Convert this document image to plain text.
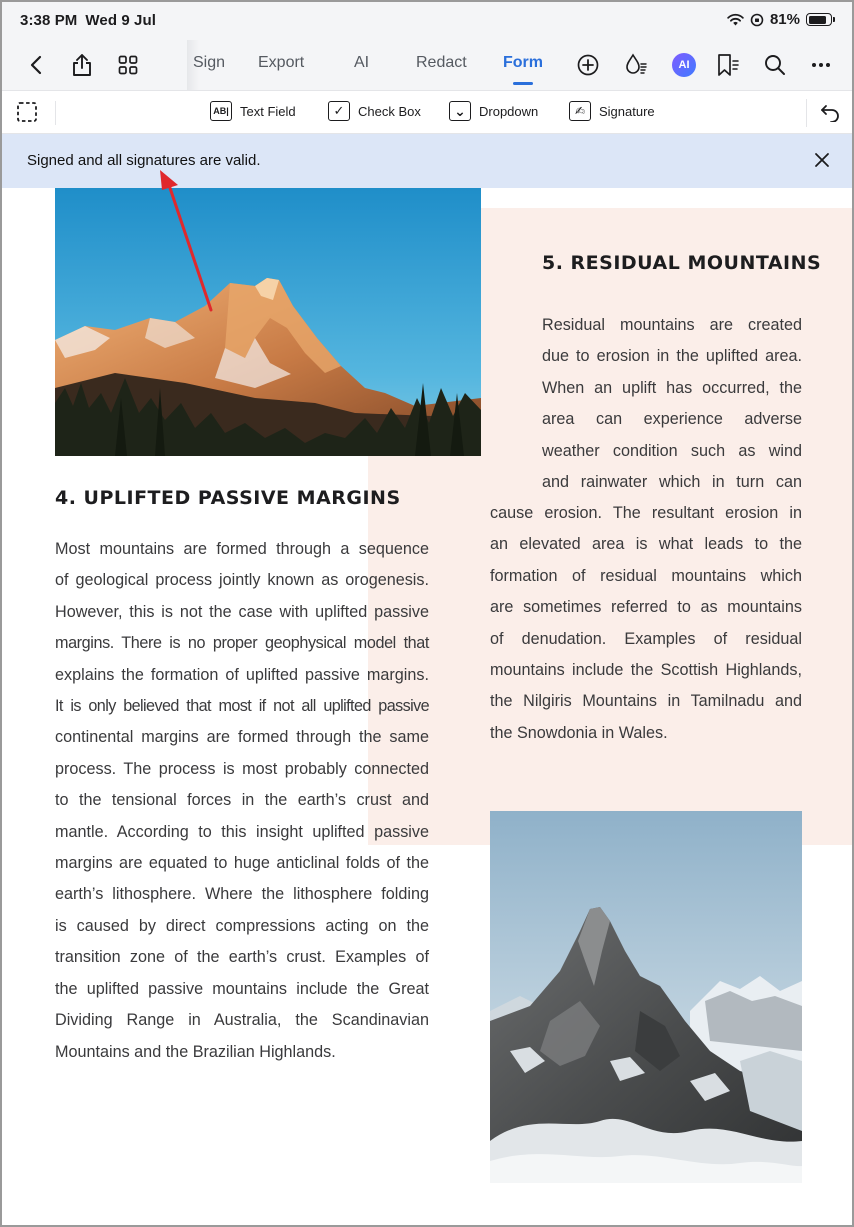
3:38 PM Wed 9 Jul	81%
Sign Export	AI	Redact Form	AI
AB| Text Field	✓	Check Box	⌄	Dropdown	✍	Signature
Signed and all signatures are valid.
4. UPLIFTED PASSIVE MARGINS
Most mountains are formed through a sequence
of geological process jointly known as orogenesis.
However, this is not the case with uplifted passive
margins. There is no proper geophysical model that
explains the formation of uplifted passive margins.
It is only believed that most if not all uplifted passive
continental margins are formed through the same
process. The process is most probably connected
to the tensional forces in the earth’s crust and
mantle. According to this insight uplifted passive
margins are equated to huge anticlinal folds of the
earth’s lithosphere. Where the lithosphere folding
is caused by direct compressions acting on the
transition zone of the earth’s crust. Examples of
the uplifted passive mountains include the Great
Dividing Range in Australia, the Scandinavian
Mountains and the Brazilian Highlands.
5. RESIDUAL MOUNTAINS
Residual mountains are created
due to erosion in the uplifted area.
When an uplift has occurred, the
area can experience adverse
weather condition such as wind
and rainwater which in turn can
cause erosion. The resultant erosion in
an elevated area is what leads to the
formation of residual mountains which
are sometimes referred to as mountains
of denudation. Examples of residual
mountains include the Scottish Highlands,
the Nilgiris Mountains in Tamilnadu and
the Snowdonia in Wales.
